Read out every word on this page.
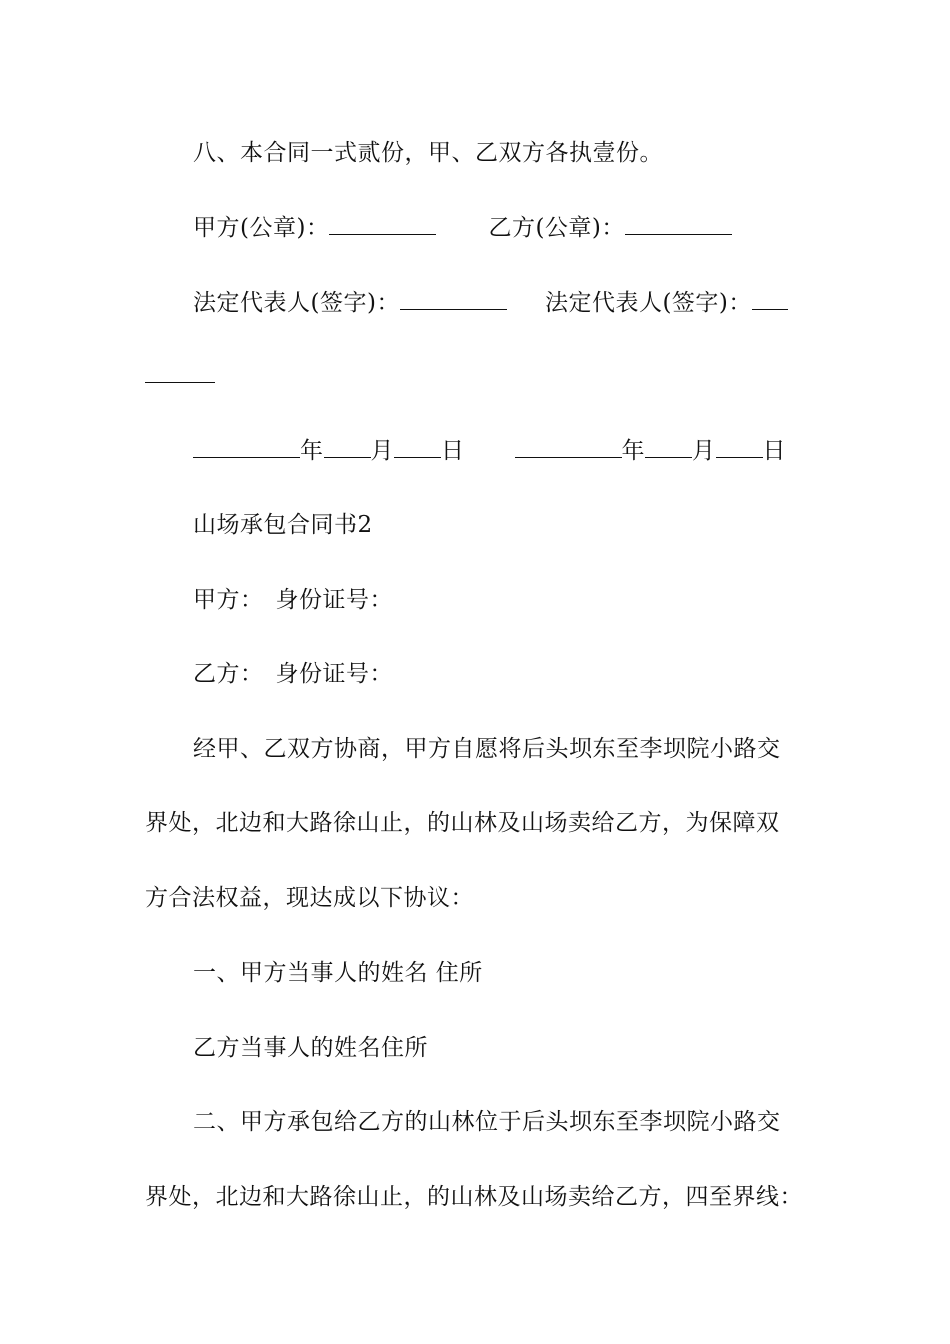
八、本合同一式贰份，甲、乙双方各执壹份。
甲方(公章)：	乙方(公章)：
法定代表人(签字)：	法定代表人(签字)：
年 月 日	年 月 日
山场承包合同书2
甲方： 身份证号：
乙方： 身份证号：
经甲、乙双方协商，甲方自愿将后头坝东至李坝院小路交
界处，北边和大路徐山止，的山林及山场卖给乙方，为保障双
方合法权益，现达成以下协议：
一、甲方当事人的姓名 住所
乙方当事人的姓名住所
二、甲方承包给乙方的山林位于后头坝东至李坝院小路交
界处，北边和大路徐山止，的山林及山场卖给乙方，四至界线：
